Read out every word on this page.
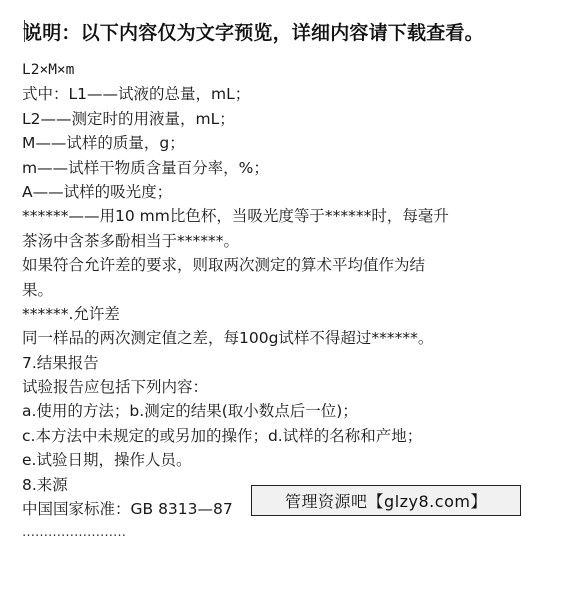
说明：以下内容仅为文字预览，详细内容请下载查看。
L2×M×m
式中：L1——试液的总量，mL；
L2——测定时的用液量，mL；
M——试样的质量，g；
m——试样干物质含量百分率，%；
A——试样的吸光度；
******——用10 mm比色杯，当吸光度等于******时，每毫升
茶汤中含茶多酚相当于******。
如果符合允许差的要求，则取两次测定的算术平均值作为结
果。
******.允许差
同一样品的两次测定值之差，每100g试样不得超过******。
7.结果报告
试验报告应包括下列内容：
a.使用的方法；b.测定的结果(取小数点后一位)；
c.本方法中未规定的或另加的操作；d.试样的名称和产地；
e.试验日期，操作人员。
8.来源
中国国家标准：GB 8313—87
……………………
管理资源吧【glzy8.com】
